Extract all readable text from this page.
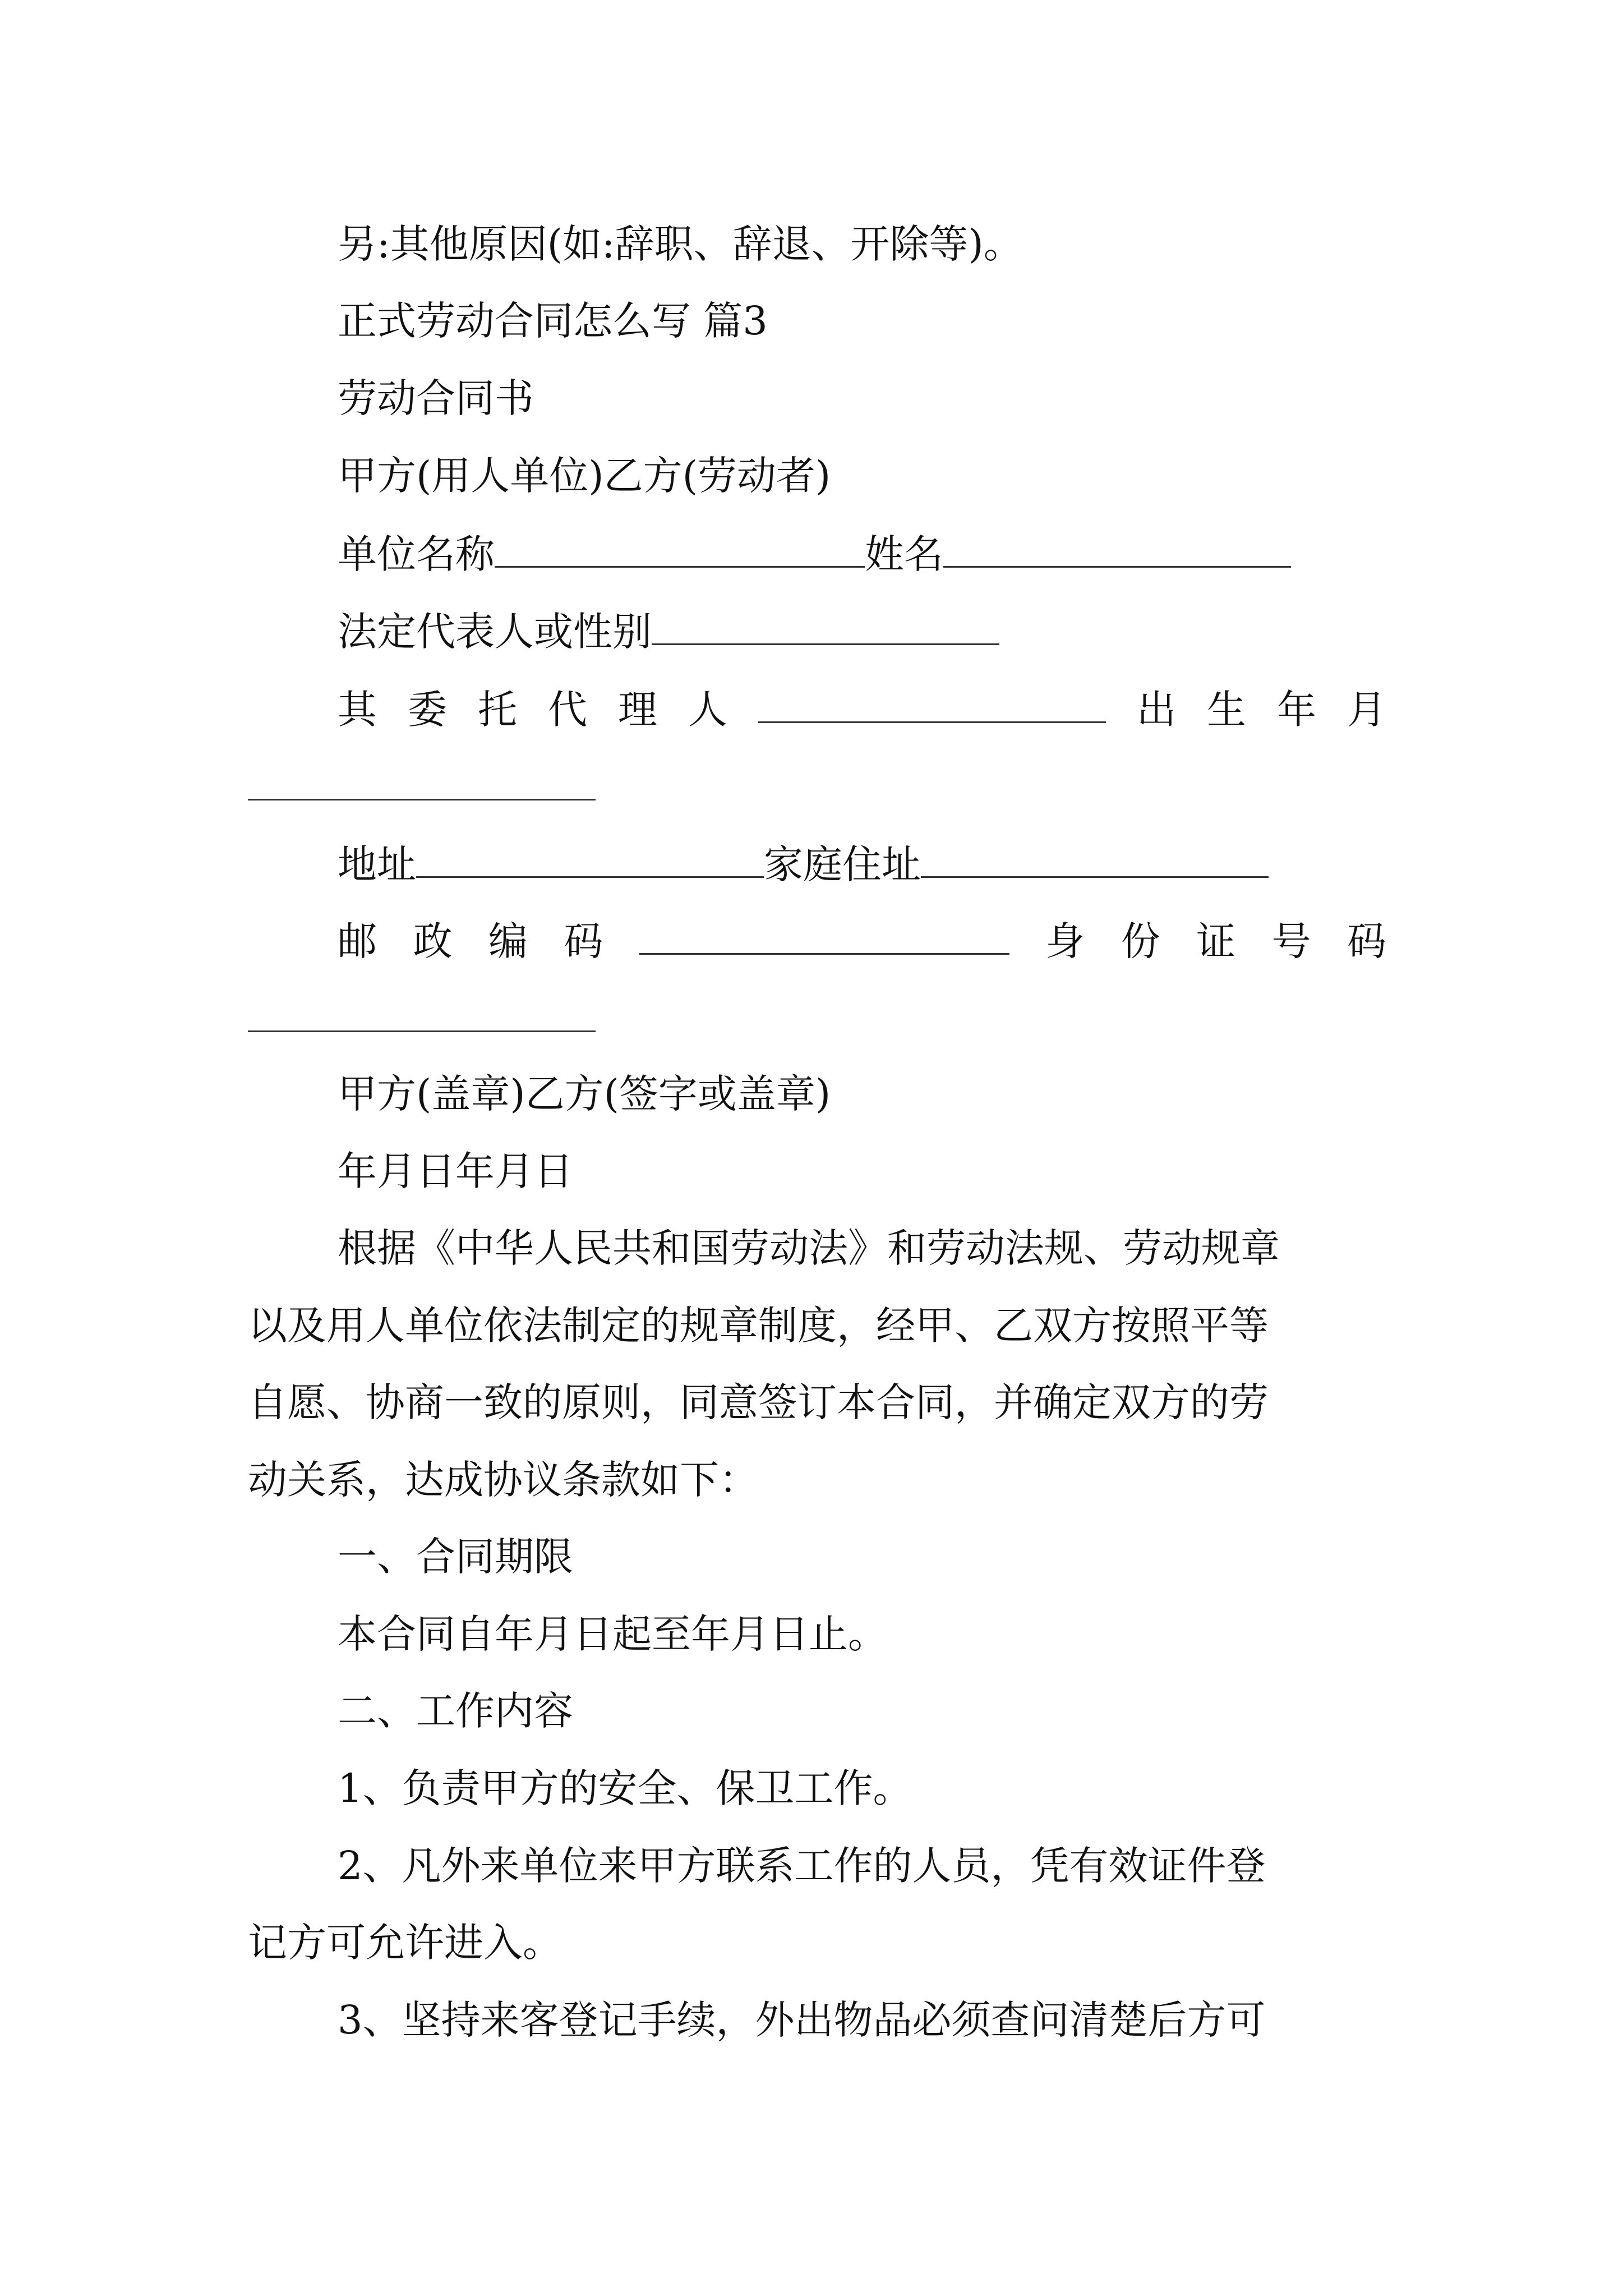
另:其他原因(如:辞职、辞退、开除等)。
正式劳动合同怎么写 篇3
劳动合同书
甲方(用人单位)乙方(劳动者)
单位名称	姓名
法定代表人或性别
其 委 托 代 理 人	出 生 年 月
地址	家庭住址
邮 政 编 码	身 份 证 号 码
甲方(盖章)乙方(签字或盖章)
年月日年月日
根据《中华人民共和国劳动法》和劳动法规、劳动规章
以及用人单位依法制定的规章制度，经甲、乙双方按照平等
自愿、协商一致的原则，同意签订本合同，并确定双方的劳
动关系，达成协议条款如下：
一、合同期限
本合同自年月日起至年月日止。
二、工作内容
1、负责甲方的安全、保卫工作。
2、凡外来单位来甲方联系工作的人员，凭有效证件登
记方可允许进入。
3、坚持来客登记手续，外出物品必须查问清楚后方可
